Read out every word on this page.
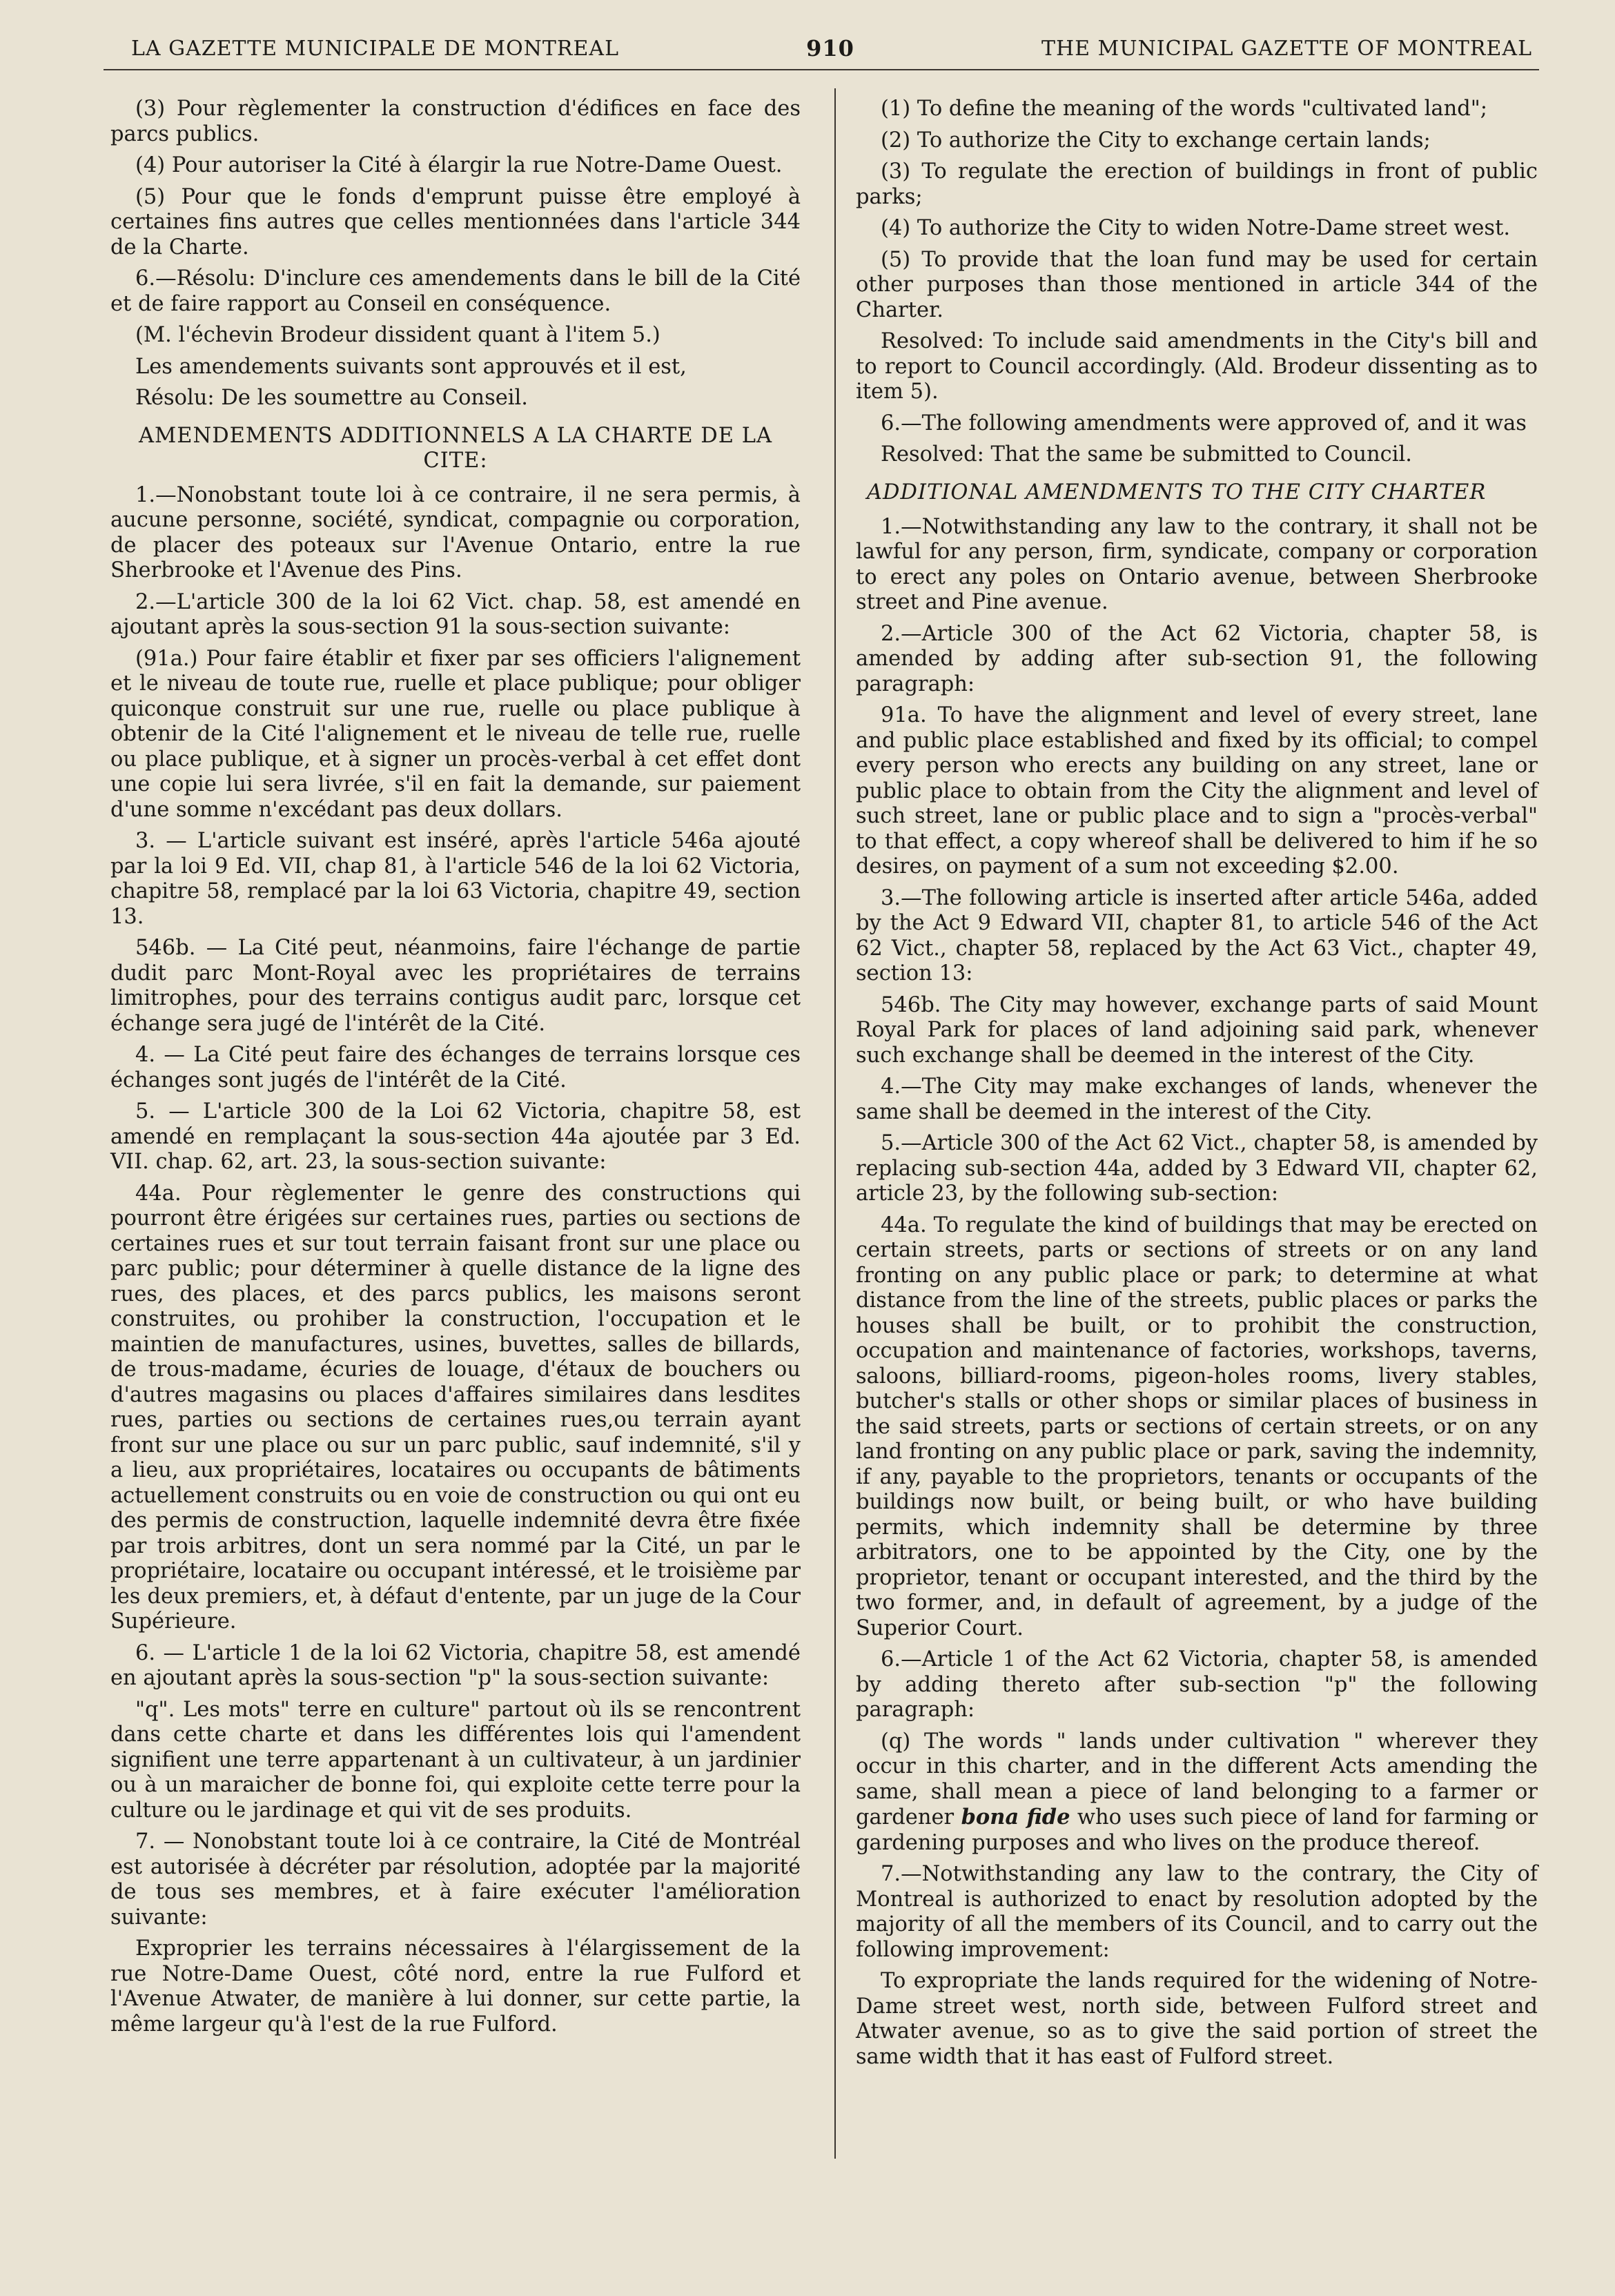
LA GAZETTE MUNICIPALE DE MONTREAL	910	THE MUNICIPAL GAZETTE OF MONTREAL

(3) Pour règlementer la construction d'édifices en face des parcs publics.

(4) Pour autoriser la Cité à élargir la rue Notre-Dame Ouest.

(5) Pour que le fonds d'emprunt puisse être employé à certaines fins autres que celles mentionnées dans l'article 344 de la Charte.

6.—Résolu: D'inclure ces amendements dans le bill de la Cité et de faire rapport au Conseil en conséquence.

(M. l'échevin Brodeur dissident quant à l'item 5.)

Les amendements suivants sont approuvés et il est,

Résolu: De les soumettre au Conseil.

AMENDEMENTS ADDITIONNELS A LA CHARTE DE LA CITE:

1.—Nonobstant toute loi à ce contraire, il ne sera permis, à aucune personne, société, syndicat, compagnie ou corporation, de placer des poteaux sur l'Avenue Ontario, entre la rue Sherbrooke et l'Avenue des Pins.

2.—L'article 300 de la loi 62 Vict. chap. 58, est amendé en ajoutant après la sous-section 91 la sous-section suivante:

(91a.) Pour faire établir et fixer par ses officiers l'alignement et le niveau de toute rue, ruelle et place publique; pour obliger quiconque construit sur une rue, ruelle ou place publique à obtenir de la Cité l'alignement et le niveau de telle rue, ruelle ou place publique, et à signer un procès-verbal à cet effet dont une copie lui sera livrée, s'il en fait la demande, sur paiement d'une somme n'excédant pas deux dollars.

3. — L'article suivant est inséré, après l'article 546a ajouté par la loi 9 Ed. VII, chap 81, à l'article 546 de la loi 62 Victoria, chapitre 58, remplacé par la loi 63 Victoria, chapitre 49, section 13.

546b. — La Cité peut, néanmoins, faire l'échange de partie dudit parc Mont-Royal avec les propriétaires de terrains limitrophes, pour des terrains contigus audit parc, lorsque cet échange sera jugé de l'intérêt de la Cité.

4. — La Cité peut faire des échanges de terrains lorsque ces échanges sont jugés de l'intérêt de la Cité.

5. — L'article 300 de la Loi 62 Victoria, chapitre 58, est amendé en remplaçant la sous-section 44a ajoutée par 3 Ed. VII. chap. 62, art. 23, la sous-section suivante:

44a. Pour règlementer le genre des constructions qui pourront être érigées sur certaines rues, parties ou sections de certaines rues et sur tout terrain faisant front sur une place ou parc public; pour déterminer à quelle distance de la ligne des rues, des places, et des parcs publics, les maisons seront construites, ou prohiber la construction, l'occupation et le maintien de manufactures, usines, buvettes, salles de billards, de trous-madame, écuries de louage, d'étaux de bouchers ou d'autres magasins ou places d'affaires similaires dans lesdites rues, parties ou sections de certaines rues,ou terrain ayant front sur une place ou sur un parc public, sauf indemnité, s'il y a lieu, aux propriétaires, locataires ou occupants de bâtiments actuellement construits ou en voie de construction ou qui ont eu des permis de construction, laquelle indemnité devra être fixée par trois arbitres, dont un sera nommé par la Cité, un par le propriétaire, locataire ou occupant intéressé, et le troisième par les deux premiers, et, à défaut d'entente, par un juge de la Cour Supérieure.

6. — L'article 1 de la loi 62 Victoria, chapitre 58, est amendé en ajoutant après la sous-section "p" la sous-section suivante:

"q". Les mots" terre en culture" partout où ils se rencontrent dans cette charte et dans les différentes lois qui l'amendent signifient une terre appartenant à un cultivateur, à un jardinier ou à un maraicher de bonne foi, qui exploite cette terre pour la culture ou le jardinage et qui vit de ses produits.

7. — Nonobstant toute loi à ce contraire, la Cité de Montréal est autorisée à décréter par résolution, adoptée par la majorité de tous ses membres, et à faire exécuter l'amélioration suivante:

Exproprier les terrains nécessaires à l'élargissement de la rue Notre-Dame Ouest, côté nord, entre la rue Fulford et l'Avenue Atwater, de manière à lui donner, sur cette partie, la même largeur qu'à l'est de la rue Fulford.

(1) To define the meaning of the words "cultivated land";

(2) To authorize the City to exchange certain lands;

(3) To regulate the erection of buildings in front of public parks;

(4) To authorize the City to widen Notre-Dame street west.

(5) To provide that the loan fund may be used for certain other purposes than those mentioned in article 344 of the Charter.

Resolved: To include said amendments in the City's bill and to report to Council accordingly. (Ald. Brodeur dissenting as to item 5).

6.—The following amendments were approved of, and it was

Resolved: That the same be submitted to Council.

ADDITIONAL AMENDMENTS TO THE CITY CHARTER

1.—Notwithstanding any law to the contrary, it shall not be lawful for any person, firm, syndicate, company or corporation to erect any poles on Ontario avenue, between Sherbrooke street and Pine avenue.

2.—Article 300 of the Act 62 Victoria, chapter 58, is amended by adding after sub-section 91, the following paragraph:

91a. To have the alignment and level of every street, lane and public place established and fixed by its official; to compel every person who erects any building on any street, lane or public place to obtain from the City the alignment and level of such street, lane or public place and to sign a "procès-verbal" to that effect, a copy whereof shall be delivered to him if he so desires, on payment of a sum not exceeding $2.00.

3.—The following article is inserted after article 546a, added by the Act 9 Edward VII, chapter 81, to article 546 of the Act 62 Vict., chapter 58, replaced by the Act 63 Vict., chapter 49, section 13:

546b. The City may however, exchange parts of said Mount Royal Park for places of land adjoining said park, whenever such exchange shall be deemed in the interest of the City.

4.—The City may make exchanges of lands, whenever the same shall be deemed in the interest of the City.

5.—Article 300 of the Act 62 Vict., chapter 58, is amended by replacing sub-section 44a, added by 3 Edward VII, chapter 62, article 23, by the following sub-section:

44a. To regulate the kind of buildings that may be erected on certain streets, parts or sections of streets or on any land fronting on any public place or park; to determine at what distance from the line of the streets, public places or parks the houses shall be built, or to prohibit the construction, occupation and maintenance of factories, workshops, taverns, saloons, billiard-rooms, pigeon-holes rooms, livery stables, butcher's stalls or other shops or similar places of business in the said streets, parts or sections of certain streets, or on any land fronting on any public place or park, saving the indemnity, if any, payable to the proprietors, tenants or occupants of the buildings now built, or being built, or who have building permits, which indemnity shall be determine by three arbitrators, one to be appointed by the City, one by the proprietor, tenant or occupant interested, and the third by the two former, and, in default of agreement, by a judge of the Superior Court.

6.—Article 1 of the Act 62 Victoria, chapter 58, is amended by adding thereto after sub-section "p" the following paragraph:

(q) The words " lands under cultivation " wherever they occur in this charter, and in the different Acts amending the same, shall mean a piece of land belonging to a farmer or gardener bona fide who uses such piece of land for farming or gardening purposes and who lives on the produce thereof.

7.—Notwithstanding any law to the contrary, the City of Montreal is authorized to enact by resolution adopted by the majority of all the members of its Council, and to carry out the following improvement:

To expropriate the lands required for the widening of Notre-Dame street west, north side, between Fulford street and Atwater avenue, so as to give the said portion of street the same width that it has east of Fulford street.
